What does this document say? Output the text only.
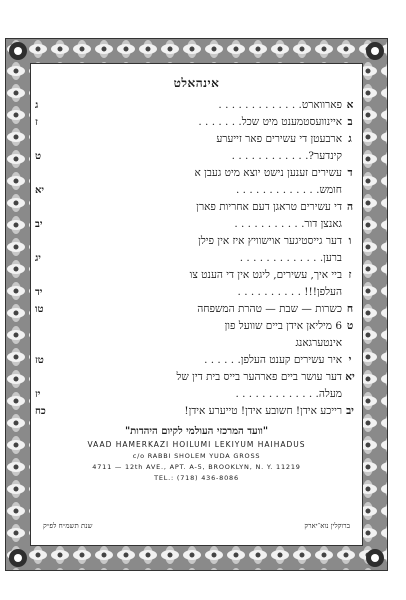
אינהאלט
א
פארווארט. . . . . . . . . . . . .
ג
ב
איינוועסטמענט מיט שכל. . . . . . .
ז
ג
ארבעטן די עשירים פאר זייערע
קינדער?. . . . . . . . . . . .
ט
ד
עשירים זענען נישט יוצא מיט געבן א
חומש. . . . . . . . . . . . .
יא
ה
די עשירים טראגן דעם אחריות פארן
גאנצן דור. . . . . . . . . . .
יב
ו
דער גייסטיגער אוישוויץ איז אין פילן
ברען. . . . . . . . . . . . .
יג
ז
ביי איך, עשירים, ליגט אין די הענט צו
העלפן!!! . . . . . . . . . .
יד
ח
כשרות — שבת — טהרת המשפחה
טו
ט
6 מיליאן אידן ביים שוועל פון
אינטערגאנג
י
איר עשירים קענט העלפן. . . . . .
טז
יא
דער עושר ביים פארהער בייס בית דין של
מעלה. . . . . . . . . . . . .
יז
יב
רייכע אידן! חשובע אידן! טייערע אידן!
כח
"וועד המרכזי העולמי לקיום היהדות"
VAAD HAMERKAZI HOILUMI LEKIYUM HAIHADUS
c/o RABBI SHOLEM YUDA GROSS
4711 — 12th AVE., APT. A-5, BROOKLYN, N. Y. 11219
TEL.: (718) 436-8086
ברוקלין נוא־יארק
שנת תשמ״ח לפ״ק
